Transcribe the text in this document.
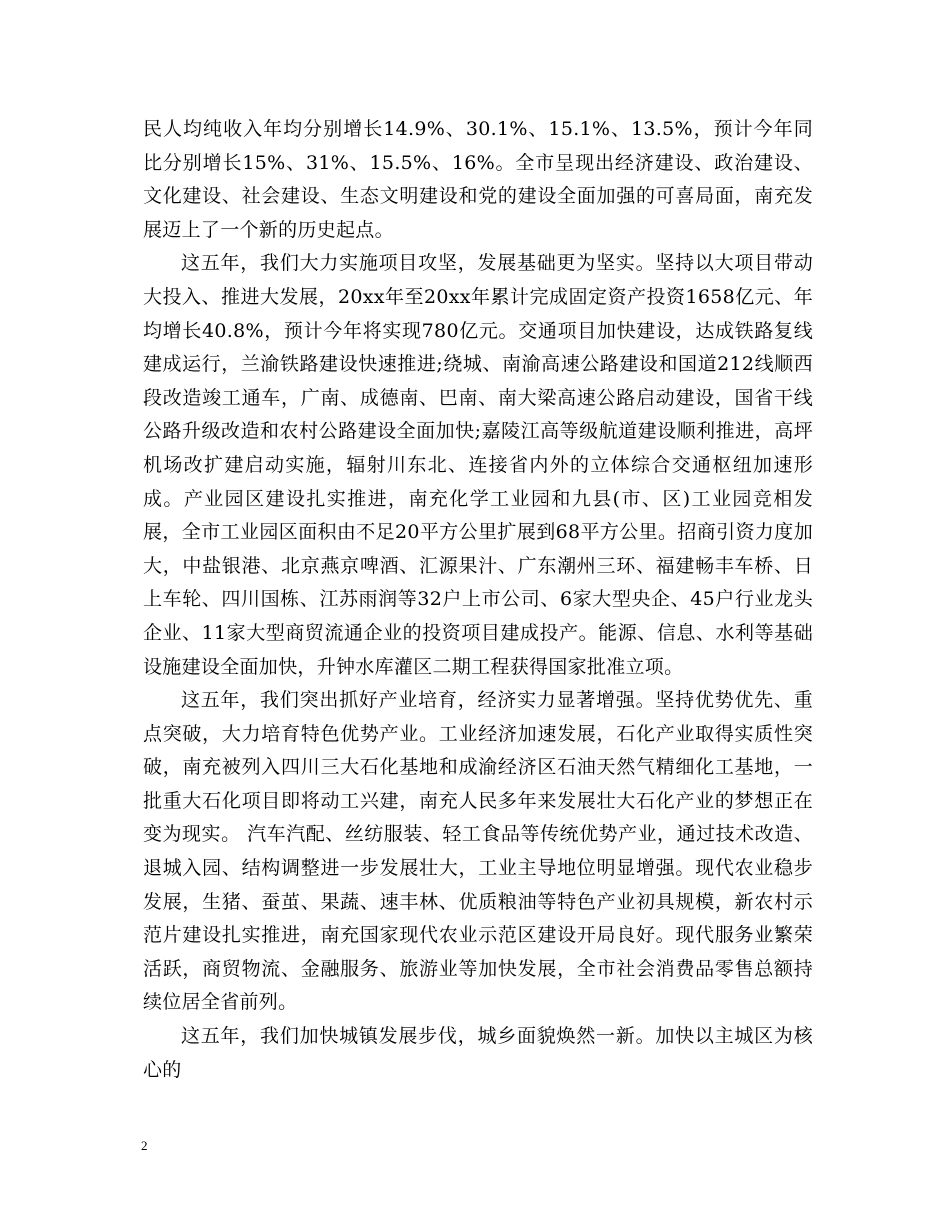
民人均纯收入年均分别增长14.9%、30.1%、15.1%、13.5%，预计今年同比分别增长15%、31%、15.5%、16%。全市呈现出经济建设、政治建设、文化建设、社会建设、生态文明建设和党的建设全面加强的可喜局面，南充发展迈上了一个新的历史起点。

这五年，我们大力实施项目攻坚，发展基础更为坚实。坚持以大项目带动大投入、推进大发展，20xx年至20xx年累计完成固定资产投资1658亿元、年均增长40.8%，预计今年将实现780亿元。交通项目加快建设，达成铁路复线建成运行，兰渝铁路建设快速推进;绕城、南渝高速公路建设和国道212线顺西段改造竣工通车，广南、成德南、巴南、南大梁高速公路启动建设，国省干线公路升级改造和农村公路建设全面加快;嘉陵江高等级航道建设顺利推进，高坪机场改扩建启动实施，辐射川东北、连接省内外的立体综合交通枢纽加速形成。产业园区建设扎实推进，南充化学工业园和九县(市、区)工业园竞相发展，全市工业园区面积由不足20平方公里扩展到68平方公里。招商引资力度加大，中盐银港、北京燕京啤酒、汇源果汁、广东潮州三环、福建畅丰车桥、日上车轮、四川国栋、江苏雨润等32户上市公司、6家大型央企、45户行业龙头企业、11家大型商贸流通企业的投资项目建成投产。能源、信息、水利等基础设施建设全面加快，升钟水库灌区二期工程获得国家批准立项。

这五年，我们突出抓好产业培育，经济实力显著增强。坚持优势优先、重点突破，大力培育特色优势产业。工业经济加速发展，石化产业取得实质性突破，南充被列入四川三大石化基地和成渝经济区石油天然气精细化工基地，一批重大石化项目即将动工兴建，南充人民多年来发展壮大石化产业的梦想正在变为现实。 汽车汽配、丝纺服装、轻工食品等传统优势产业，通过技术改造、退城入园、结构调整进一步发展壮大，工业主导地位明显增强。现代农业稳步发展，生猪、蚕茧、果蔬、速丰林、优质粮油等特色产业初具规模，新农村示范片建设扎实推进，南充国家现代农业示范区建设开局良好。现代服务业繁荣活跃，商贸物流、金融服务、旅游业等加快发展，全市社会消费品零售总额持续位居全省前列。

这五年，我们加快城镇发展步伐，城乡面貌焕然一新。加快以主城区为核心的

2
